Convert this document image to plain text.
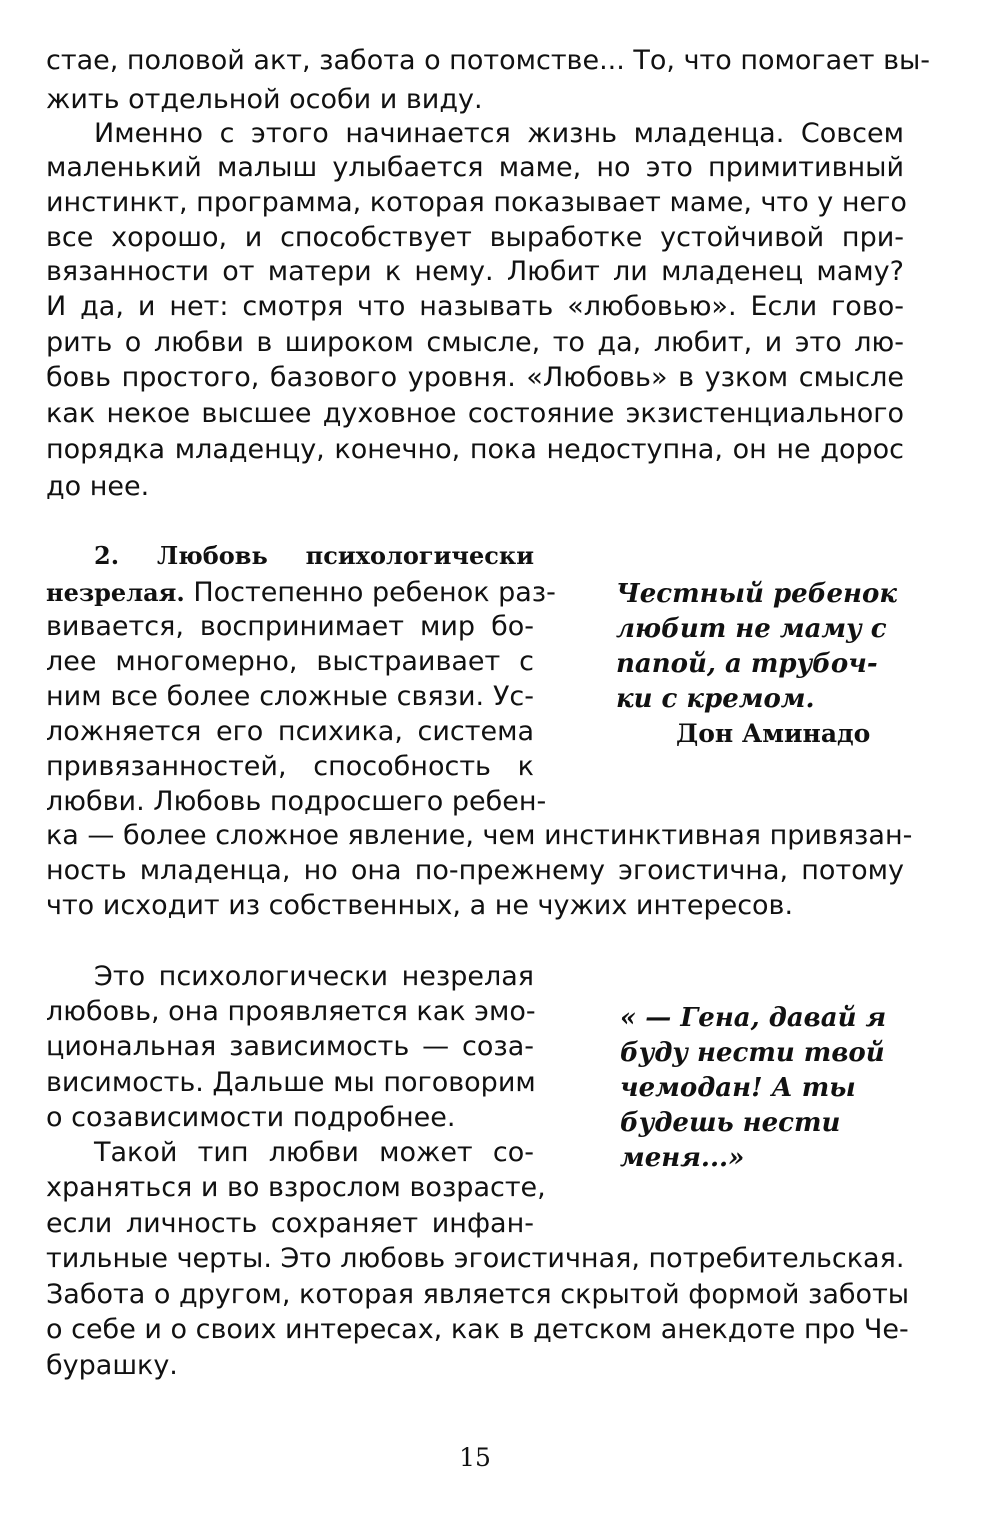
стае, половой акт, забота о потомстве... То, что помогает вы-

жить отдельной особи и виду.

Именно с этого начинается жизнь младенца. Совсем

маленький малыш улыбается маме, но это примитивный

инстинкт, программа, которая показывает маме, что у него

все хорошо, и способствует выработке устойчивой при-

вязанности от матери к нему. Любит ли младенец маму?

И да, и нет: смотря что называть «любовью». Если гово-

рить о любви в широком смысле, то да, любит, и это лю-

бовь простого, базового уровня. «Любовь» в узком смысле

как некое высшее духовное состояние экзистенциального

порядка младенцу, конечно, пока недоступна, он не дорос

до нее.

2. Любовь психологически

незрелая. Постепенно ребенок раз-

вивается, воспринимает мир бо-

лее многомерно, выстраивает с

ним все более сложные связи. Ус-

ложняется его психика, система

привязанностей, способность к

любви. Любовь подросшего ребен-

ка — более сложное явление, чем инстинктивная привязан-

ность младенца, но она по-прежнему эгоистична, потому

что исходит из собственных, а не чужих интересов.

Честный ребенок

любит не маму с

папой, а трубоч-

ки с кремом.

Дон Аминадо

Это психологически незрелая

любовь, она проявляется как эмо-

циональная зависимость — соза-

висимость. Дальше мы поговорим

о созависимости подробнее.

Такой тип любви может со-

храняться и во взрослом возрасте,

если личность сохраняет инфан-

тильные черты. Это любовь эгоистичная, потребительская.

Забота о другом, которая является скрытой формой заботы

о себе и о своих интересах, как в детском анекдоте про Че-

бурашку.

« — Гена, давай я

буду нести твой

чемодан! А ты

будешь нести

меня...»

15
